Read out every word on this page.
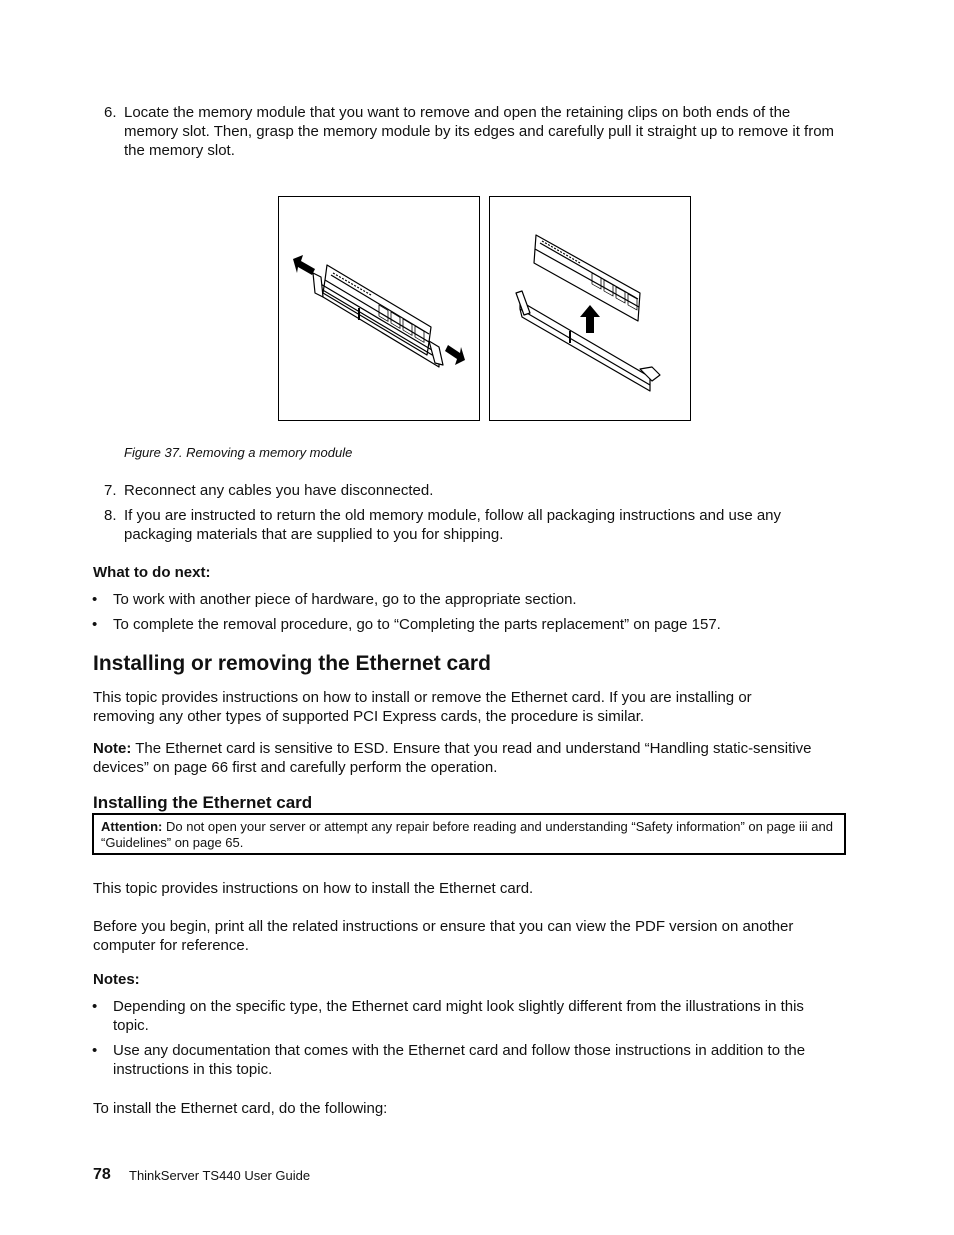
6. Locate the memory module that you want to remove and open the retaining clips on both ends of the memory slot. Then, grasp the memory module by its edges and carefully pull it straight up to remove it from the memory slot.
Figure 37. Removing a memory module
7. Reconnect any cables you have disconnected.
8. If you are instructed to return the old memory module, follow all packaging instructions and use any packaging materials that are supplied to you for shipping.
What to do next:
• To work with another piece of hardware, go to the appropriate section.
• To complete the removal procedure, go to “Completing the parts replacement” on page 157.
Installing or removing the Ethernet card
This topic provides instructions on how to install or remove the Ethernet card. If you are installing or removing any other types of supported PCI Express cards, the procedure is similar.
Note: The Ethernet card is sensitive to ESD. Ensure that you read and understand “Handling static-sensitive devices” on page 66 first and carefully perform the operation.
Installing the Ethernet card
Attention: Do not open your server or attempt any repair before reading and understanding “Safety information” on page iii and “Guidelines” on page 65.
This topic provides instructions on how to install the Ethernet card.
Before you begin, print all the related instructions or ensure that you can view the PDF version on another computer for reference.
Notes:
• Depending on the specific type, the Ethernet card might look slightly different from the illustrations in this topic.
• Use any documentation that comes with the Ethernet card and follow those instructions in addition to the instructions in this topic.
To install the Ethernet card, do the following:
78 ThinkServer TS440 User Guide
